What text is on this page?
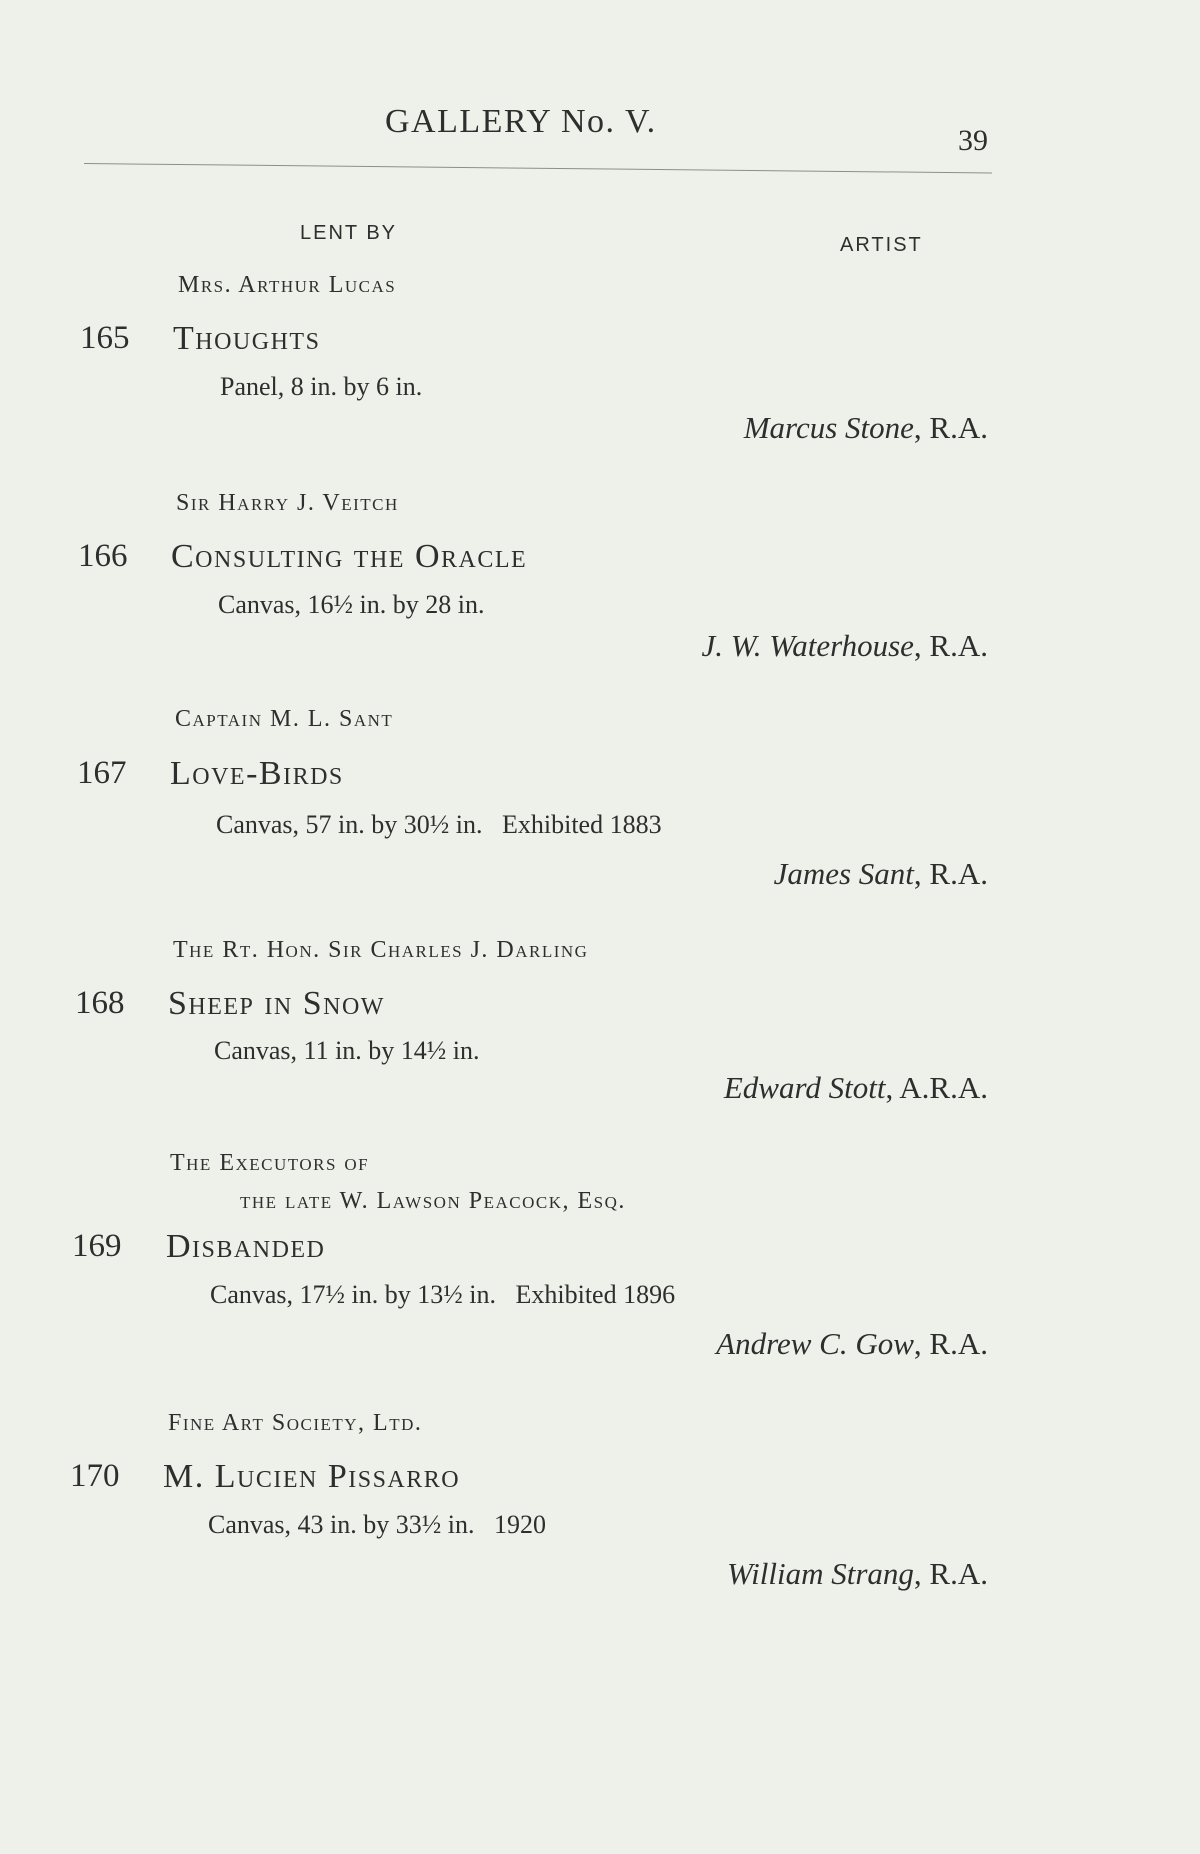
GALLERY No. V.
39
LENT BY
ARTIST
Mrs. Arthur Lucas
165 Thoughts
Panel, 8 in. by 6 in.
Marcus Stone, R.A.
Sir Harry J. Veitch
166 Consulting the Oracle
Canvas, 16½ in. by 28 in.
J. W. Waterhouse, R.A.
Captain M. L. Sant
167 Love-Birds
Canvas, 57 in. by 30½ in.   Exhibited 1883
James Sant, R.A.
The Rt. Hon. Sir Charles J. Darling
168 Sheep in Snow
Canvas, 11 in. by 14½ in.
Edward Stott, A.R.A.
The Executors of
the late W. Lawson Peacock, Esq.
169 Disbanded
Canvas, 17½ in. by 13½ in.   Exhibited 1896
Andrew C. Gow, R.A.
Fine Art Society, Ltd.
170 M. Lucien Pissarro
Canvas, 43 in. by 33½ in.   1920
William Strang, R.A.
